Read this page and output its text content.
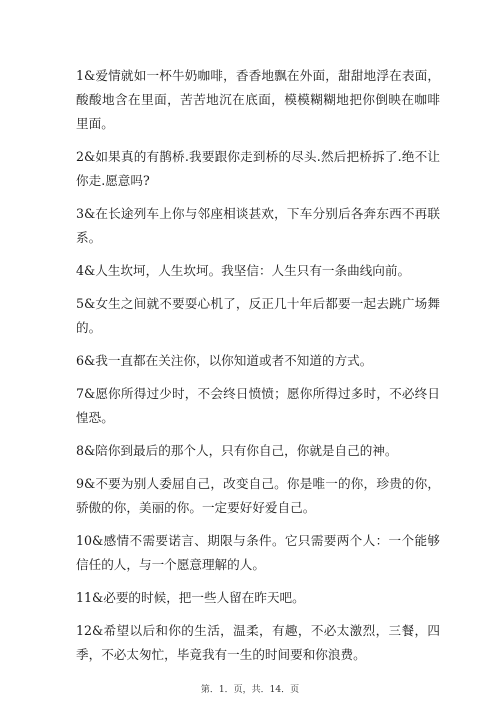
1&爱情就如一杯牛奶咖啡，香香地飘在外面，甜甜地浮在表面，酸酸地含在里面，苦苦地沉在底面，模模糊糊地把你倒映在咖啡里面。

2&如果真的有鹊桥.我要跟你走到桥的尽头.然后把桥拆了.绝不让你走.愿意吗?

3&在长途列车上你与邻座相谈甚欢，下车分别后各奔东西不再联系。

4&人生坎坷，人生坎坷。我坚信：人生只有一条曲线向前。

5&女生之间就不要耍心机了，反正几十年后都要一起去跳广场舞的。

6&我一直都在关注你，以你知道或者不知道的方式。

7&愿你所得过少时，不会终日愤愤；愿你所得过多时，不必终日惶恐。

8&陪你到最后的那个人，只有你自己，你就是自己的神。

9&不要为别人委屈自己，改变自己。你是唯一的你，珍贵的你，骄傲的你，美丽的你。一定要好好爱自己。

10&感情不需要诺言、期限与条件。它只需要两个人：一个能够信任的人，与一个愿意理解的人。

11&必要的时候，把一些人留在昨天吧。

12&希望以后和你的生活，温柔，有趣，不必太激烈，三餐，四季，不必太匆忙，毕竟我有一生的时间要和你浪费。

第．1．页，共．14．页
